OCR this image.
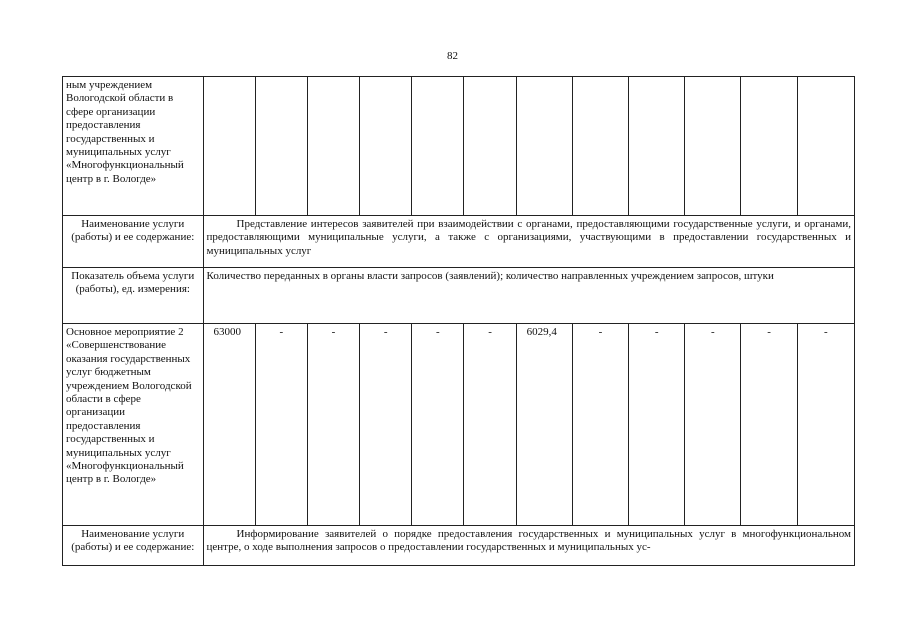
82
ным учреждением Вологодской области в сфере организации предоставления государственных и муниципальных услуг «Многофункциональный центр в г. Вологде»												
Наименование услуги (работы) и ее содержание:	Представление интересов заявителей при взаимодействии с органами, предоставляющими государственные услуги, и органами, предоставляющими муниципальные услуги, а также с организациями, участвующими в предоставлении государственных и муниципальных услуг											
Показатель объема услуги (работы), ед. измерения:	Количество переданных в органы власти запросов (заявлений); количество направленных учреждением запросов, штуки											
Основное мероприятие 2 «Совершенствование оказания государственных услуг бюджетным учреждением Вологодской области в сфере организации предоставления государственных и муниципальных услуг «Многофункциональный центр в г. Вологде»	63000	-	-	-	-	-	6029,4	-	-	-	-	-
Наименование услуги (работы) и ее содержание:	Информирование заявителей о порядке предоставления государственных и муниципальных услуг в многофункциональном центре, о ходе выполнения запросов о предоставлении государственных и муниципальных ус-											
